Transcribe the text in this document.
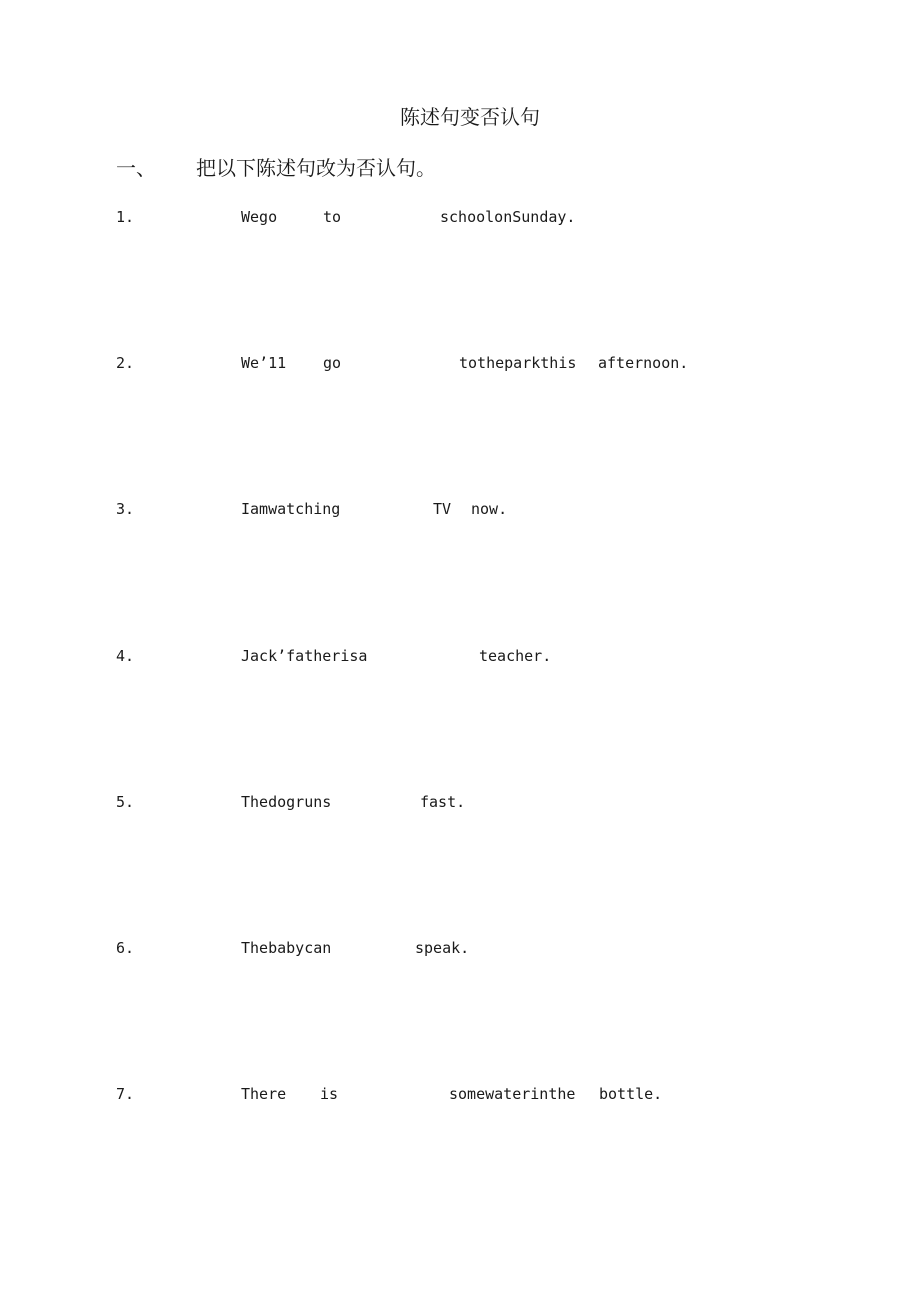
陈述句变否认句
一、 把以下陈述句改为否认句。
1.	Wego	to	schoolonSunday.
2.	We’11 go	totheparkthis afternoon.
3.	Iamwatching	TV now.
4.	Jack’fatherisa	teacher.
5.	Thedogruns	fast.
6.	Thebabycan	speak.
7.	There is	somewaterinthe bottle.
